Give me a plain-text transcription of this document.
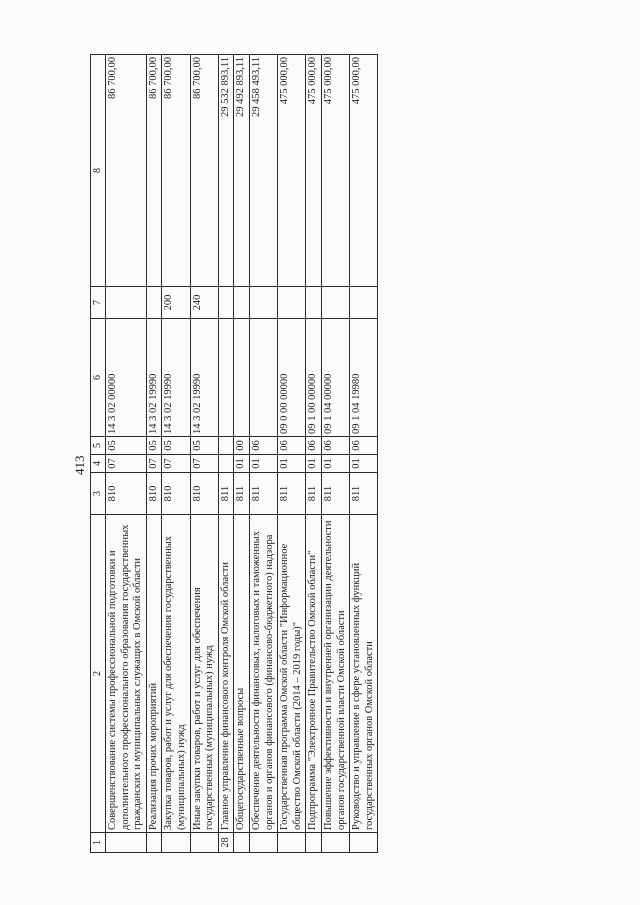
413
1	2	3	4	5	6	7	8
	Совершенствование системы профессиональной подготовки и дополнительного профессионального образования государственных гражданских и муниципальных служащих в Омской области	810	07	05	14 3 02 00000		86 700,00
	Реализация прочих мероприятий	810	07	05	14 3 02 19990		86 700,00
	Закупка товаров, работ и услуг для обеспечения государственных (муниципальных) нужд	810	07	05	14 3 02 19990	200	86 700,00
	Иные закупки товаров, работ и услуг для обеспечения государственных (муниципальных) нужд	810	07	05	14 3 02 19990	240	86 700,00
28	Главное управление финансового контроля Омской области	811					29 532 893,11
	Общегосударственные вопросы	811	01	00			29 492 893,11
	Обеспечение деятельности финансовых, налоговых и таможенных органов и органов финансового (финансово-бюджетного) надзора	811	01	06			29 458 493,11
	Государственная программа Омской области "Информационное общество Омской области (2014 – 2019 годы)"	811	01	06	09 0 00 00000		475 000,00
	Подпрограмма "Электронное Правительство Омской области"	811	01	06	09 1 00 00000		475 000,00
	Повышение эффективности и внутренней организации деятельности органов государственной власти Омской области	811	01	06	09 1 04 00000		475 000,00
	Руководство и управление в сфере установленных функций государственных органов Омской области	811	01	06	09 1 04 19980		475 000,00
